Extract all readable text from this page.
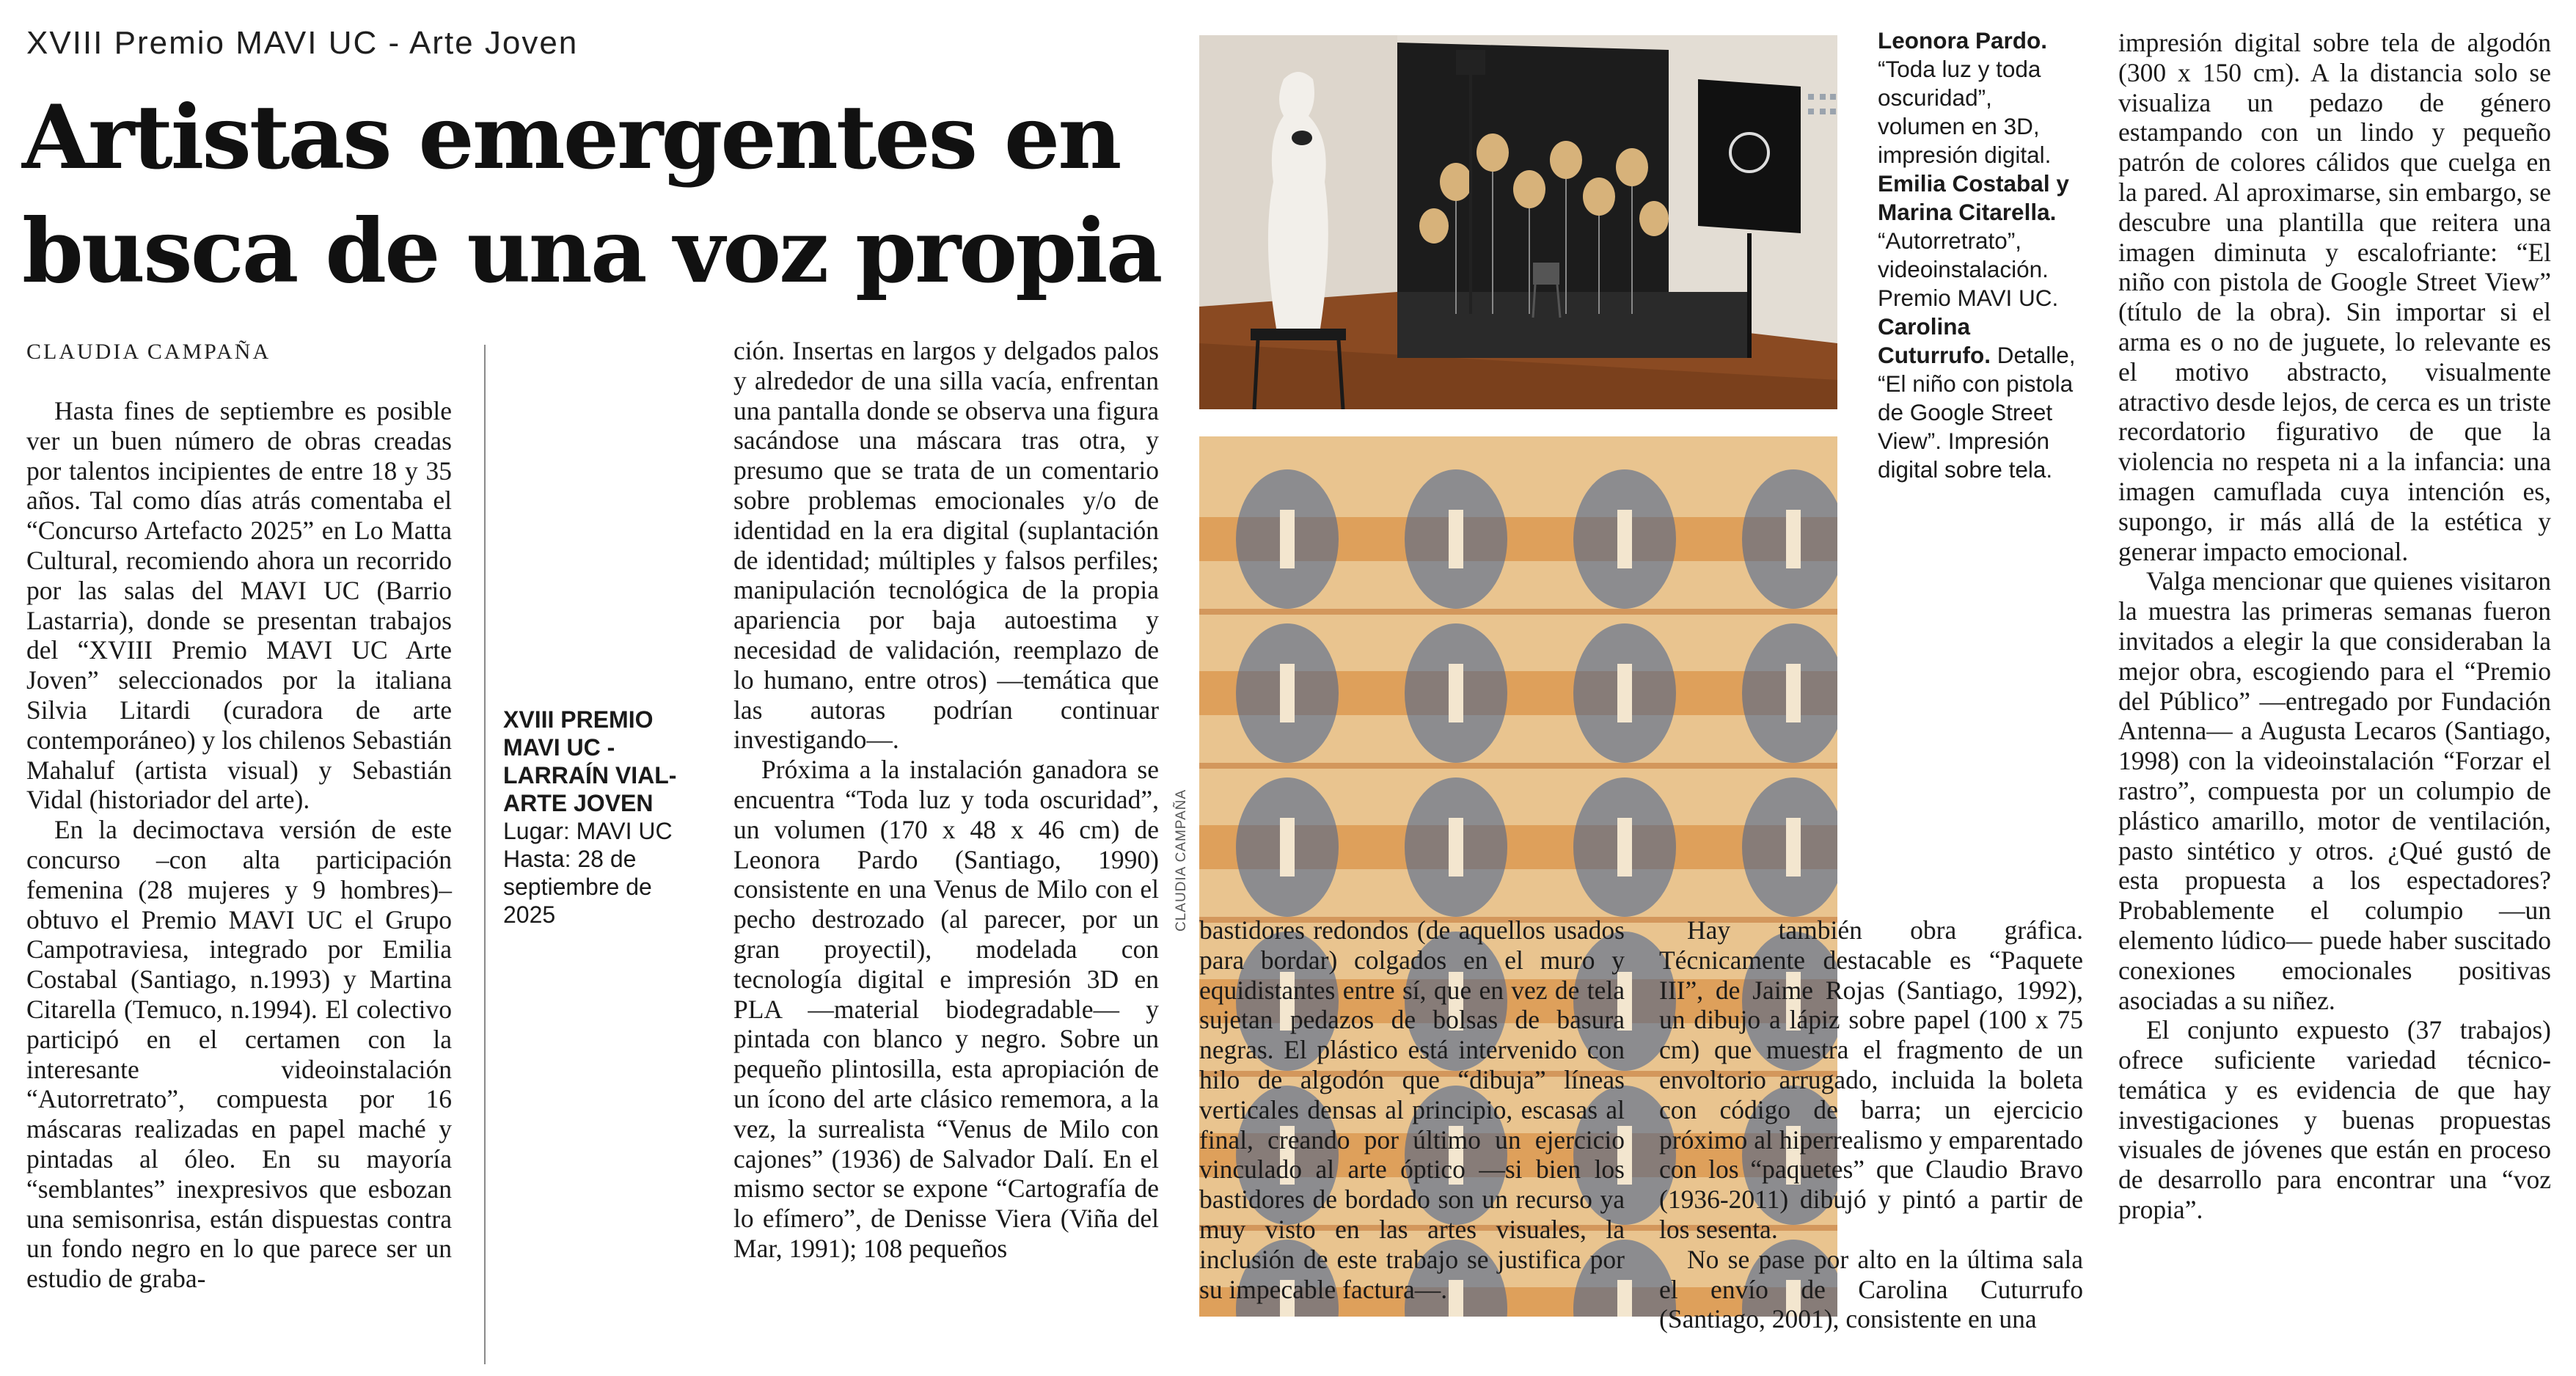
XVIII Premio MAVI UC - Arte Joven
Artistas emergentes en
busca de una voz propia
CLAUDIA CAMPAÑA

Hasta fines de septiembre es posible ver un buen número de obras creadas por talentos incipientes de entre 18 y 35 años. Tal como días atrás comentaba el “Concurso Artefacto 2025” en Lo Matta Cultural, recomiendo ahora un recorrido por las salas del MAVI UC (Barrio Lastarria), donde se presentan trabajos del “XVIII Premio MAVI UC Arte Joven” seleccionados por la italiana Silvia Litardi (curadora de arte contemporáneo) y los chilenos Sebastián Mahaluf (artista visual) y Sebastián Vidal (historiador del arte).

En la decimoctava versión de este concurso –con alta participación femenina (28 mujeres y 9 hombres)– obtuvo el Premio MAVI UC el Grupo Campotraviesa, integrado por Emilia Costabal (Santiago, n.1993) y Martina Citarella (Temuco, n.1994). El colectivo participó en el certamen con la interesante videoinstalación “Autorretrato”, compuesta por 16 máscaras realizadas en papel maché y pintadas al óleo. En su mayoría “semblantes” inexpresivos que esbozan una semisonrisa, están dispuestas contra un fondo negro en lo que parece ser un estudio de graba-

XVIII PREMIO
MAVI UC -
LARRAÍN VIAL-
ARTE JOVEN
Lugar: MAVI UC
Hasta: 28 de
septiembre de
2025

ción. Insertas en largos y delgados palos y alrededor de una silla vacía, enfrentan una pantalla donde se observa una figura sacándose una máscara tras otra, y presumo que se trata de un comentario sobre problemas emocionales y/o de identidad en la era digital (suplantación de identidad; múltiples y falsos perfiles; manipulación tecnológica de la propia apariencia por baja autoestima y necesidad de validación, reemplazo de lo humano, entre otros) —temática que las autoras podrían continuar investigando—.

Próxima a la instalación ganadora se encuentra “Toda luz y toda oscuridad”, un volumen (170 x 48 x 46 cm) de Leonora Pardo (Santiago, 1990) consistente en una Venus de Milo con el pecho destrozado (al parecer, por un gran proyectil), modelada con tecnología digital e impresión 3D en PLA —material biodegradable— y pintada con blanco y negro. Sobre un pequeño plintosilla, esta apropiación de un ícono del arte clásico rememora, a la vez, la surrealista “Venus de Milo con cajones” (1936) de Salvador Dalí. En el mismo sector se expone “Cartografía de lo efímero”, de Denisse Viera (Viña del Mar, 1991); 108 pequeños

CLAUDIA CAMPAÑA
Leonora Pardo. “Toda luz y toda oscuridad”, volumen en 3D, impresión digital. Emilia Costabal y Marina Citarella. “Autorretrato”, videoinstalación. Premio MAVI UC. Carolina Cuturrufo. Detalle, “El niño con pistola de Google Street View”. Impresión digital sobre tela.

bastidores redondos (de aquellos usados para bordar) colgados en el muro y equidistantes entre sí, que en vez de tela sujetan pedazos de bolsas de basura negras. El plástico está intervenido con hilo de algodón que “dibuja” líneas verticales densas al principio, escasas al final, creando por último un ejercicio vinculado al arte óptico —si bien los bastidores de bordado son un recurso ya muy visto en las artes visuales, la inclusión de este trabajo se justifica por su impecable factura—.

Hay también obra gráfica. Técnicamente destacable es “Paquete III”, de Jaime Rojas (Santiago, 1992), un dibujo a lápiz sobre papel (100 x 75 cm) que muestra el fragmento de un envoltorio arrugado, incluida la boleta con código de barra; un ejercicio próximo al hiperrealismo y emparentado con los “paquetes” que Claudio Bravo (1936-2011) dibujó y pintó a partir de los sesenta.

No se pase por alto en la última sala el envío de Carolina Cuturrufo (Santiago, 2001), consistente en una

impresión digital sobre tela de algodón (300 x 150 cm). A la distancia solo se visualiza un pedazo de género estampando con un lindo y pequeño patrón de colores cálidos que cuelga en la pared. Al aproximarse, sin embargo, se descubre una plantilla que reitera una imagen diminuta y escalofriante: “El niño con pistola de Google Street View” (título de la obra). Sin importar si el arma es o no de juguete, lo relevante es el motivo abstracto, visualmente atractivo desde lejos, de cerca es un triste recordatorio figurativo de que la violencia no respeta ni a la infancia: una imagen camuflada cuya intención es, supongo, ir más allá de la estética y generar impacto emocional.

Valga mencionar que quienes visitaron la muestra las primeras semanas fueron invitados a elegir la que consideraban la mejor obra, escogiendo para el “Premio del Público” —entregado por Fundación Antenna— a Augusta Lecaros (Santiago, 1998) con la videoinstalación “Forzar el rastro”, compuesta por un columpio de plástico amarillo, motor de ventilación, pasto sintético y otros. ¿Qué gustó de esta propuesta a los espectadores? Probablemente el columpio —un elemento lúdico— puede haber suscitado conexiones emocionales positivas asociadas a su niñez.

El conjunto expuesto (37 trabajos) ofrece suficiente variedad técnico-temática y es evidencia de que hay investigaciones y buenas propuestas visuales de jóvenes que están en proceso de desarrollo para encontrar una “voz propia”.
